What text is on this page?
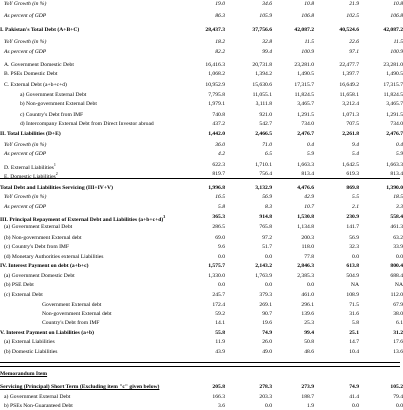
YoY Growth (in %)	19.0	34.6	10.8	21.9	10.8
As percent of GDP	86.3	105.9	106.8	102.5	106.8
I. Pakistan's Total Debt (A+B+C)	28,437.3	37,756.6	42,087.2	40,524.6	42,087.2
YoY Growth (in %)	18.2	32.8	11.5	22.6	11.5
As percent of GDP	82.2	99.4	100.9	97.1	100.9
A. Government Domestic Debt	16,416.3	20,731.8	23,281.0	22,477.7	23,281.0
B. PSEs Domestic Debt	1,068.2	1,394.2	1,490.5	1,397.7	1,490.5
C. External Debt (a+b+c+d)	10,952.9	15,630.6	17,315.7	16,649.2	17,315.7
a) Government External Debt	7,795.8	11,055.1	11,824.5	11,658.1	11,824.5
b) Non-government External Debt	1,979.1	3,111.8	3,465.7	3,212.4	3,465.7
c) Country's Debt from IMF	740.8	921.0	1,291.5	1,071.3	1,291.5
d) Intercompany External Debt from Direct Investor abroad	437.2	542.7	734.0	707.5	734.0
II. Total Liabilities (D+E)	1,442.0	2,466.5	2,476.7	2,261.8	2,476.7
YoY Growth (in %)	36.0	71.0	0.4	9.4	0.4
As percent of GDP	4.2	6.5	5.9	5.4	5.9
D. External Liabilities$^1$	622.3	1,710.1	1,663.3	1,642.5	1,663.3
E. Domestic Liabilities$^2$	819.7	756.4	813.4	619.3	813.4
Total Debt and Liabilities Servicing (III+IV+V)	1,996.8	3,132.9	4,476.6	869.8	1,390.0
YoY Growth (in %)	16.5	56.9	42.9	5.5	18.5
As percent of GDP	5.8	8.3	10.7	2.1	3.3
III. Principal Repayment of External Debt and Liabilities $(a+b+c+d)^3$	365.3	914.8	1,530.8	230.9	558.4
(a) Government External Debt	286.5	765.8	1,134.8	141.7	461.3
(b) Non-government External debt	69.0	97.2	200.3	56.9	63.2
(c) Country's Debt from IMF	9.6	51.7	118.0	32.3	33.9
(d) Monetary Authorities external Liabilities	0.0	0.0	77.8	0.0	0.0
IV. Interest Payment on debt (a+b+c)	1,575.7	2,143.2	2,846.3	613.8	800.4
(a) Government Domestic Debt	1,330.0	1,763.9	2,385.3	504.9	688.4
(b) PSE Debt	0.0	0.0	0.0	NA	NA
(c) External Debt	245.7	379.3	461.0	108.9	112.0
Government External debt	172.4	269.1	296.1	71.5	67.9
Non-government External debt	59.2	90.7	139.6	31.6	38.0
Country's Debt from IMF	14.1	19.6	25.3	5.8	6.1
V. Interest Payment on Liabilities (a+b)	55.8	74.9	99.4	25.1	31.2
(a) External Liabilities	11.9	26.0	50.8	14.7	17.6
(b) Domestic Liabilities	43.9	49.0	48.6	10.4	13.6
Memorandum Item
Servicing (Principal) Short Term (Excluding item "c" given below)	205.8	278.3	273.9	74.9	105.2
a) Government External Debt	166.3	203.3	188.7	41.4	79.4
b) PSEs Non-Guaranteed Debt	3.6	0.0	1.9	0.0	0.0
